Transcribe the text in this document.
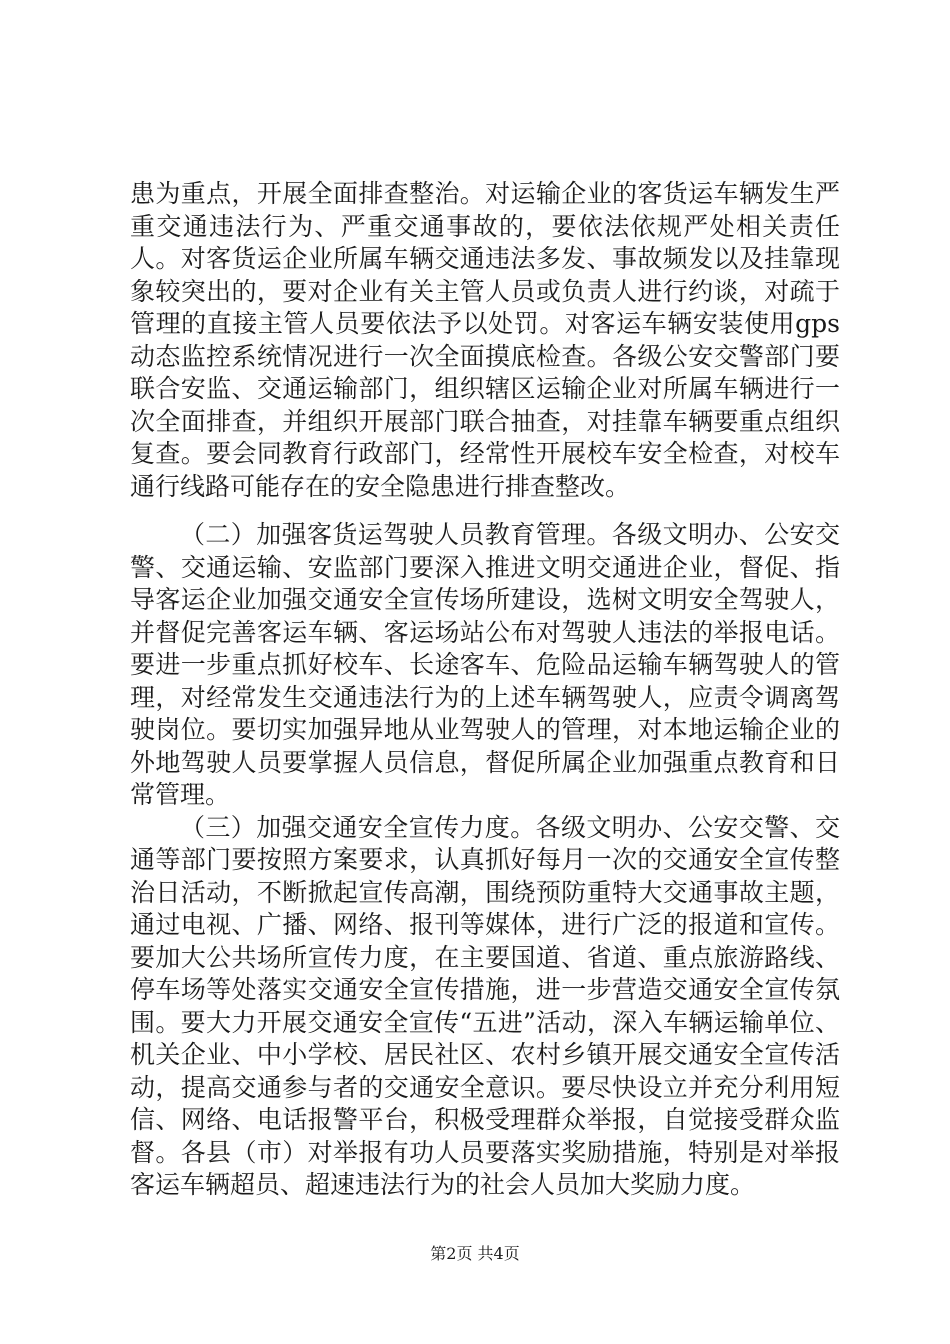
患为重点，开展全面排查整治。对运输企业的客货运车辆发生严重交通违法行为、严重交通事故的，要依法依规严处相关责任人。对客货运企业所属车辆交通违法多发、事故频发以及挂靠现象较突出的，要对企业有关主管人员或负责人进行约谈，对疏于管理的直接主管人员要依法予以处罚。对客运车辆安装使用gps动态监控系统情况进行一次全面摸底检查。各级公安交警部门要联合安监、交通运输部门，组织辖区运输企业对所属车辆进行一次全面排查，并组织开展部门联合抽查，对挂靠车辆要重点组织复查。要会同教育行政部门，经常性开展校车安全检查，对校车通行线路可能存在的安全隐患进行排查整改。

（二）加强客货运驾驶人员教育管理。各级文明办、公安交警、交通运输、安监部门要深入推进文明交通进企业，督促、指导客运企业加强交通安全宣传场所建设，选树文明安全驾驶人，并督促完善客运车辆、客运场站公布对驾驶人违法的举报电话。要进一步重点抓好校车、长途客车、危险品运输车辆驾驶人的管理，对经常发生交通违法行为的上述车辆驾驶人，应责令调离驾驶岗位。要切实加强异地从业驾驶人的管理，对本地运输企业的外地驾驶人员要掌握人员信息，督促所属企业加强重点教育和日常管理。

（三）加强交通安全宣传力度。各级文明办、公安交警、交通等部门要按照方案要求，认真抓好每月一次的交通安全宣传整治日活动，不断掀起宣传高潮，围绕预防重特大交通事故主题，通过电视、广播、网络、报刊等媒体，进行广泛的报道和宣传。要加大公共场所宣传力度，在主要国道、省道、重点旅游路线、停车场等处落实交通安全宣传措施，进一步营造交通安全宣传氛围。要大力开展交通安全宣传“五进”活动，深入车辆运输单位、机关企业、中小学校、居民社区、农村乡镇开展交通安全宣传活动，提高交通参与者的交通安全意识。要尽快设立并充分利用短信、网络、电话报警平台，积极受理群众举报，自觉接受群众监督。各县（市）对举报有功人员要落实奖励措施，特别是对举报客运车辆超员、超速违法行为的社会人员加大奖励力度。

第2页 共4页
